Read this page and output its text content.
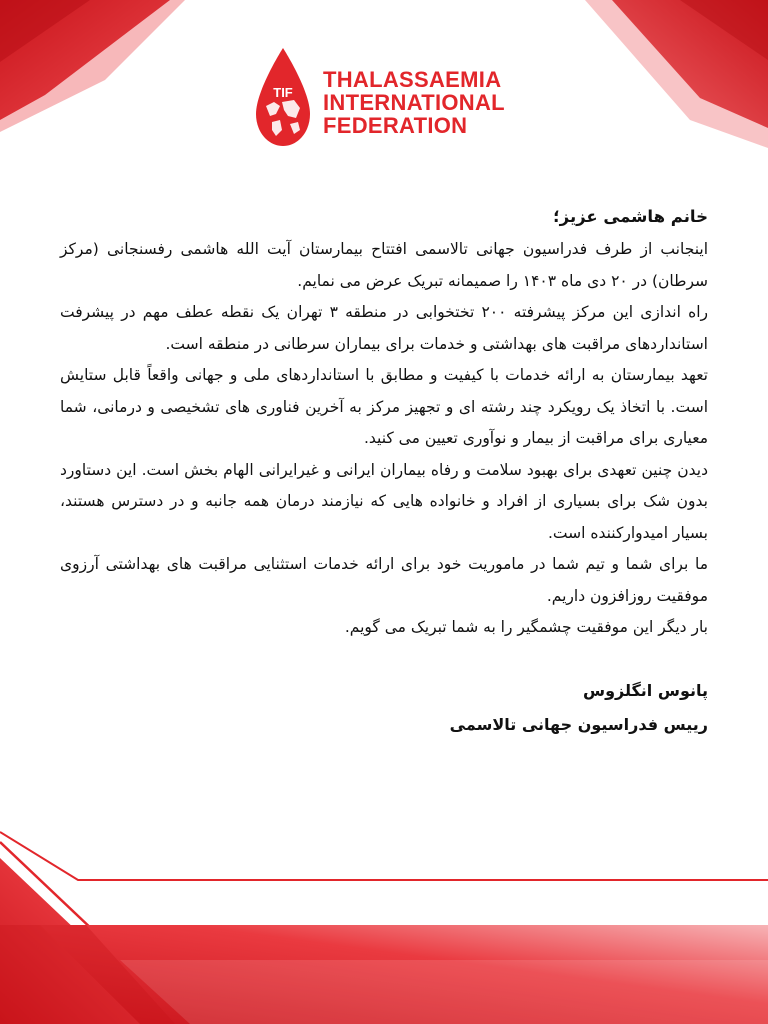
TIF
THALASSAEMIA
INTERNATIONAL
FEDERATION

خانم هاشمی عزیز؛

اینجانب از طرف فدراسیون جهانی تالاسمی افتتاح بیمارستان آیت الله هاشمی رفسنجانی (مرکز سرطان) در ۲۰ دی ماه ۱۴۰۳ را صمیمانه تبریک عرض می نمایم.

راه اندازی این مرکز پیشرفته ۲۰۰ تختخوابی در منطقه ۳ تهران یک نقطه عطف مهم در پیشرفت استانداردهای مراقبت های بهداشتی و خدمات برای بیماران سرطانی در منطقه است.

تعهد بیمارستان به ارائه خدمات با کیفیت و مطابق با استانداردهای ملی و جهانی واقعاً قابل ستایش است. با اتخاذ یک رویکرد چند رشته ای و تجهیز مرکز به آخرین فناوری های تشخیصی و درمانی، شما معیاری برای مراقبت از بیمار و نوآوری تعیین می کنید.

دیدن چنین تعهدی برای بهبود سلامت و رفاه بیماران ایرانی و غیرایرانی الهام بخش است. این دستاورد بدون شک برای بسیاری از افراد و خانواده هایی که نیازمند درمان همه جانبه و در دسترس هستند، بسیار امیدوارکننده است.

ما برای شما و تیم شما در ماموریت خود برای ارائه خدمات استثنایی مراقبت های بهداشتی آرزوی موفقیت روزافزون داریم.

بار دیگر این موفقیت چشمگیر را به شما تبریک می گویم.

پانوس انگلزوس
رییس فدراسیون جهانی تالاسمی
